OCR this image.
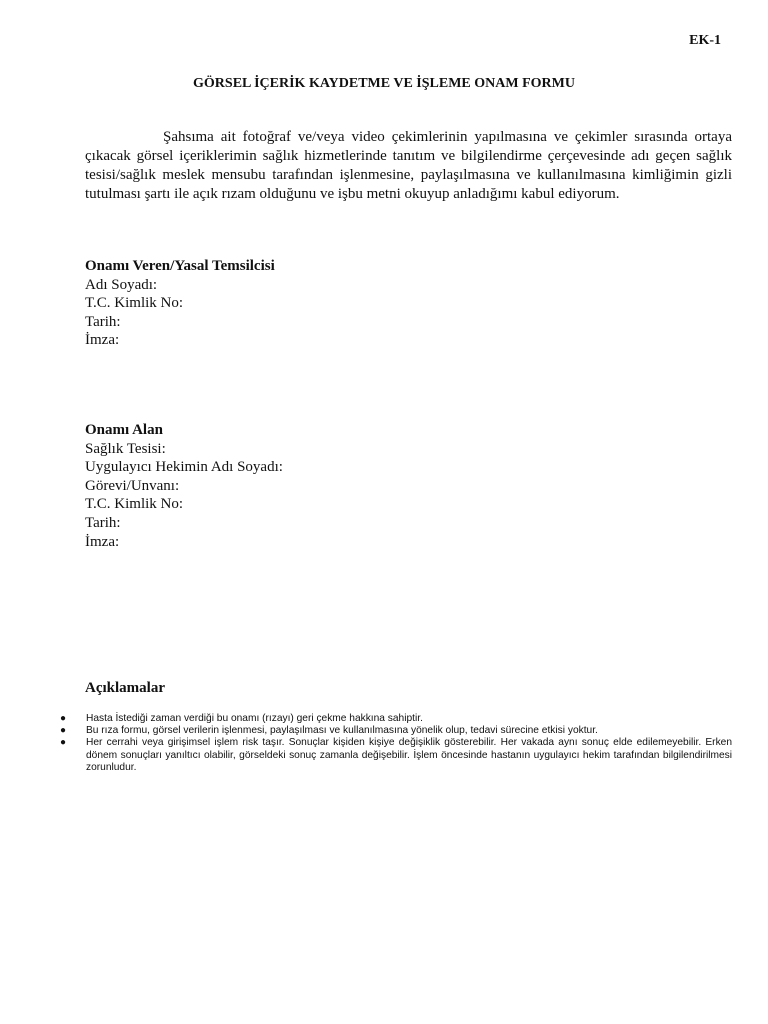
EK-1
GÖRSEL İÇERİK KAYDETME VE İŞLEME ONAM FORMU

Şahsıma ait fotoğraf ve/veya video çekimlerinin yapılmasına ve çekimler sırasında ortaya çıkacak görsel içeriklerimin sağlık hizmetlerinde tanıtım ve bilgilendirme çerçevesinde adı geçen sağlık tesisi/sağlık meslek mensubu tarafından işlenmesine, paylaşılmasına ve kullanılmasına kimliğimin gizli tutulması şartı ile açık rızam olduğunu ve işbu metni okuyup anladığımı kabul ediyorum.

Onamı Veren/Yasal Temsilcisi
Adı Soyadı:
T.C. Kimlik No:
Tarih:
İmza:
Onamı Alan
Sağlık Tesisi:
Uygulayıcı Hekimin Adı Soyadı:
Görevi/Unvanı:
T.C. Kimlik No:
Tarih:
İmza:
Açıklamalar
● Hasta İstediği zaman verdiği bu onamı (rızayı) geri çekme hakkına sahiptir.
● Bu rıza formu, görsel verilerin işlenmesi, paylaşılması ve kullanılmasına yönelik olup, tedavi sürecine etkisi yoktur.
● Her cerrahi veya girişimsel işlem risk taşır. Sonuçlar kişiden kişiye değişiklik gösterebilir. Her vakada aynı sonuç elde edilemeyebilir. Erken dönem sonuçları yanıltıcı olabilir, görseldeki sonuç zamanla değişebilir. İşlem öncesinde hastanın uygulayıcı hekim tarafından bilgilendirilmesi zorunludur.
